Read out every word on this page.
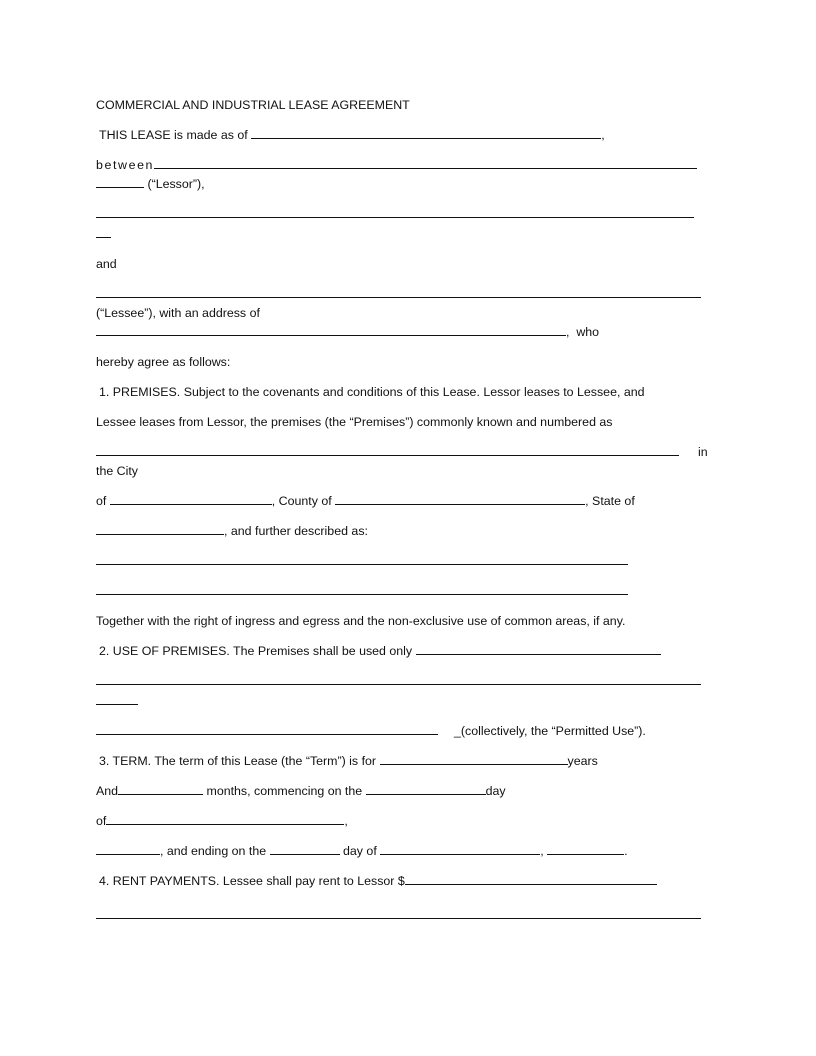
COMMERCIAL AND INDUSTRIAL LEASE AGREEMENT
THIS LEASE is made as of	,
between
(“Lessor”),
and
(“Lessee”), with an address of
,  who
hereby agree as follows:
1. PREMISES. Subject to the covenants and conditions of this Lease. Lessor leases to Lessee, and
Lessee leases from Lessor, the premises (the “Premises”) commonly known and numbered as
in
the City
of	, County of	, State of
, and further described as:
Together with the right of ingress and egress and the non-exclusive use of common areas, if any.
2. USE OF PREMISES. The Premises shall be used only
_(collectively, the “Permitted Use”).
3. TERM. The term of this Lease (the “Term”) is for	years
And	months, commencing on the	day
of	,
, and ending on the	day of	,	.
4. RENT PAYMENTS. Lessee shall pay rent to Lessor $
